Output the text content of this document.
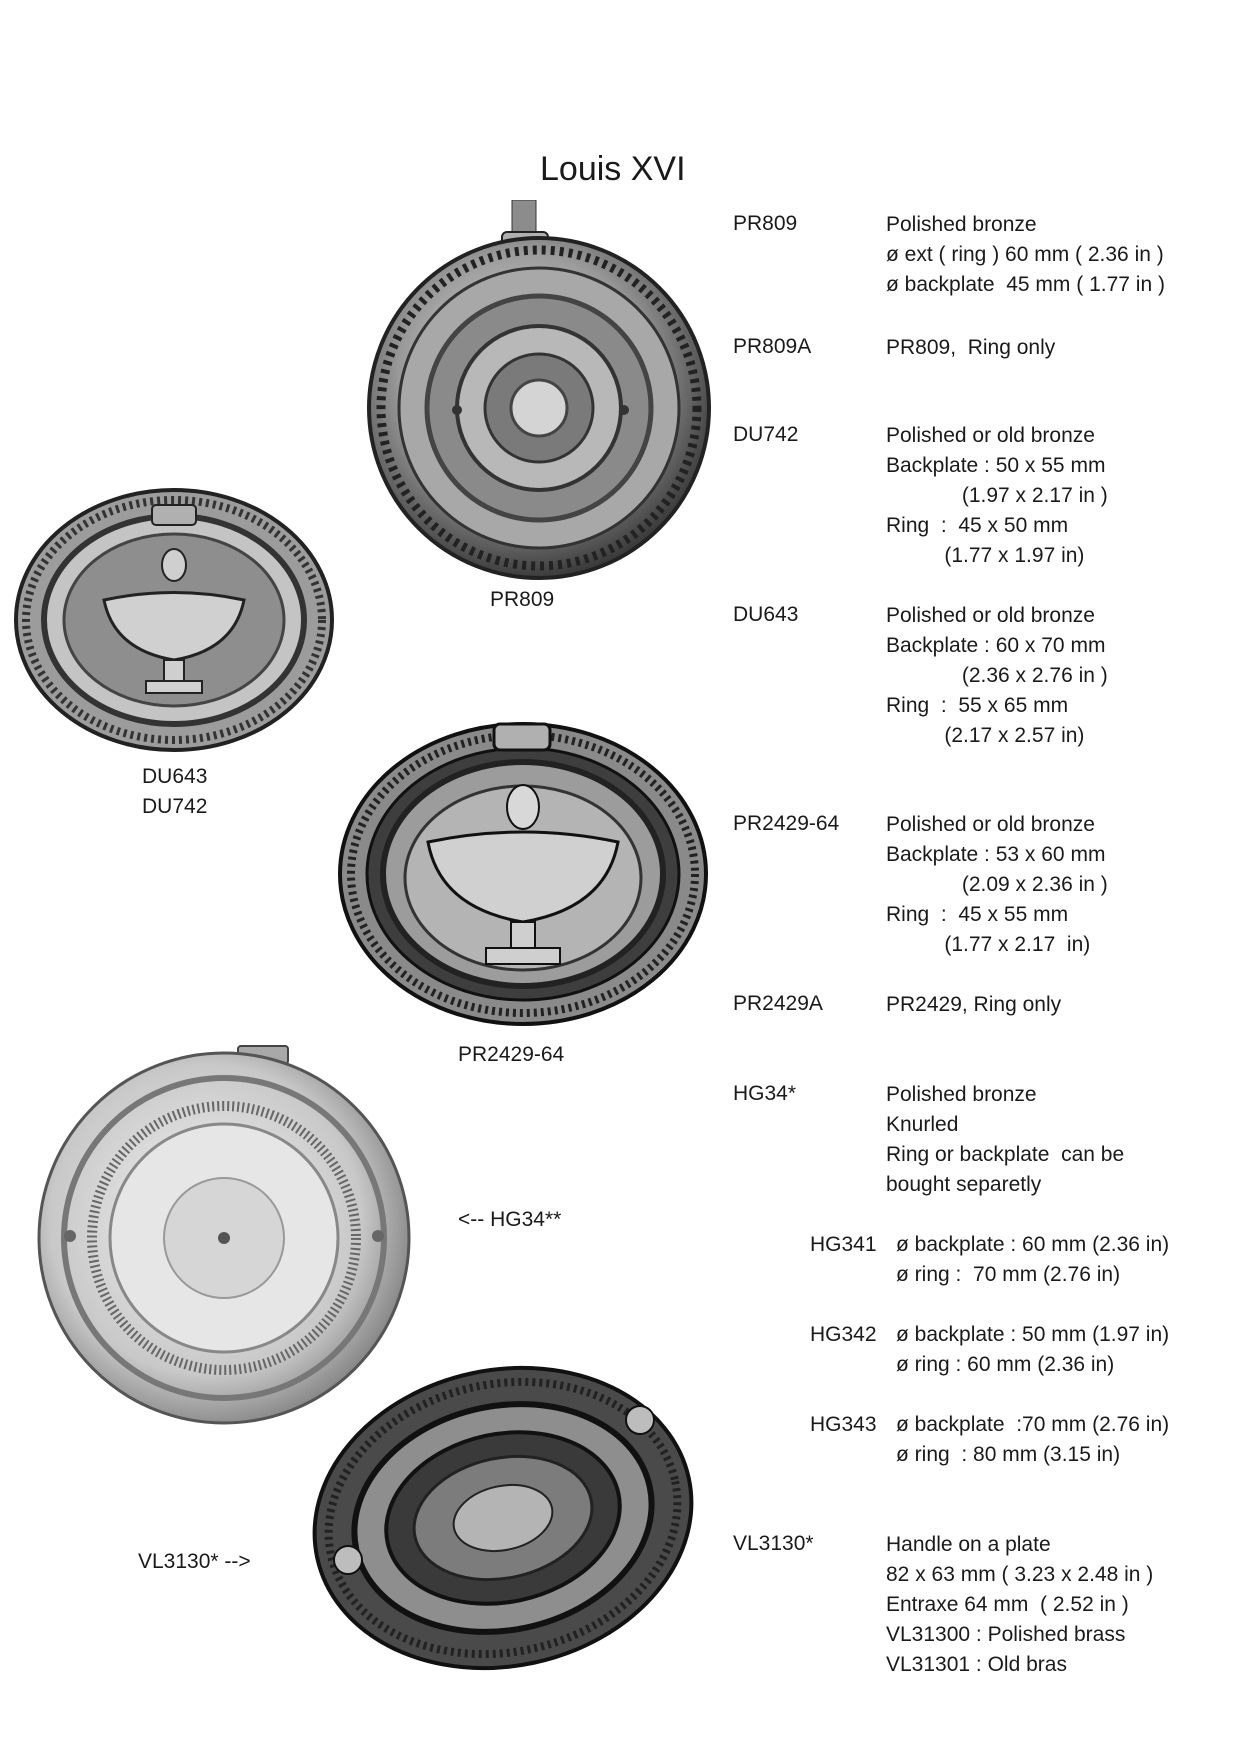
Louis XVI
PR809
DU643
DU742
PR2429-64
<-- HG34**
VL3130* -->
PR809	Polished bronze
ø ext ( ring ) 60 mm ( 2.36 in )
ø backplate  45 mm ( 1.77 in )
PR809A	PR809,  Ring only
DU742	Polished or old bronze
Backplate : 50 x 55 mm
(1.97 x 2.17 in )
Ring  :  45 x 50 mm
(1.77 x 1.97 in)
DU643	Polished or old bronze
Backplate : 60 x 70 mm
(2.36 x 2.76 in )
Ring  :  55 x 65 mm
(2.17 x 2.57 in)
PR2429-64 Polished or old bronze
Backplate : 53 x 60 mm
(2.09 x 2.36 in )
Ring  :  45 x 55 mm
(1.77 x 2.17  in)
PR2429A	PR2429, Ring only
HG34*	Polished bronze
Knurled
Ring or backplate  can be
bought separetly
HG341 ø backplate : 60 mm (2.36 in)
ø ring :  70 mm (2.76 in)
HG342 ø backplate : 50 mm (1.97 in)
ø ring : 60 mm (2.36 in)
HG343 ø backplate  :70 mm (2.76 in)
ø ring  : 80 mm (3.15 in)
VL3130*	Handle on a plate
82 x 63 mm ( 3.23 x 2.48 in )
Entraxe 64 mm  ( 2.52 in )
VL31300 : Polished brass
VL31301 : Old bras
